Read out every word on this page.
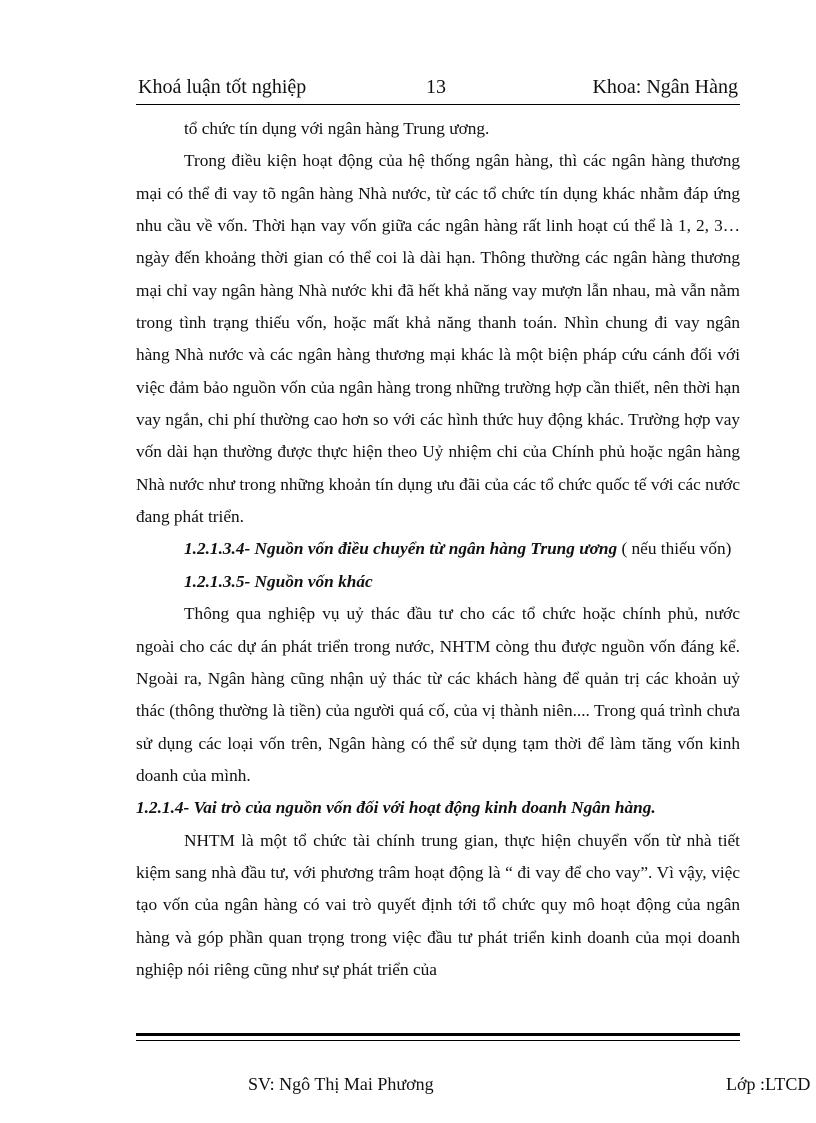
Khoá luận tốt nghiệp	13	Khoa: Ngân Hàng

tổ chức tín dụng với ngân hàng Trung ương.

Trong điều kiện hoạt động của hệ thống ngân hàng, thì các ngân hàng thương mại có thể đi vay tõ ngân hàng Nhà nước, từ các tổ chức tín dụng khác nhằm đáp ứng nhu cầu về vốn. Thời hạn vay vốn giữa các ngân hàng rất linh hoạt cú thể là 1, 2, 3…ngày đến khoảng thời gian có thể coi là dài hạn. Thông thường các ngân hàng thương mại chỉ vay ngân hàng Nhà nước khi đã hết khả năng vay mượn lẫn nhau, mà vẫn nằm trong tình trạng thiếu vốn, hoặc mất khả năng thanh toán. Nhìn chung đi vay ngân hàng Nhà nước và các ngân hàng thương mại khác là một biện pháp cứu cánh đối với việc đảm bảo nguồn vốn của ngân hàng trong những trường hợp cần thiết, nên thời hạn vay ngắn, chi phí thường cao hơn so với các hình thức huy động khác. Trường hợp vay vốn dài hạn thường được thực hiện theo Uỷ nhiệm chi của Chính phủ hoặc ngân hàng Nhà nước như trong những khoản tín dụng ưu đãi của các tổ chức quốc tế với các nước đang phát triển.

1.2.1.3.4- Nguồn vốn điều chuyển từ ngân hàng Trung ương ( nếu thiếu vốn)

1.2.1.3.5- Nguồn vốn khác

Thông qua nghiệp vụ uỷ thác đầu tư cho các tổ chức hoặc chính phủ, nước ngoài cho các dự án phát triển trong nước, NHTM còng thu được nguồn vốn đáng kể. Ngoài ra, Ngân hàng cũng nhận uỷ thác từ các khách hàng để quản trị các khoản uỷ thác (thông thường là tiền) của người quá cố, của vị thành niên.... Trong quá trình chưa sử dụng các loại vốn trên, Ngân hàng có thể sử dụng tạm thời để làm tăng vốn kinh doanh của mình.

1.2.1.4- Vai trò của nguồn vốn đối với hoạt động kinh doanh Ngân hàng.

NHTM là một tổ chức tài chính trung gian, thực hiện chuyển vốn từ nhà tiết kiệm sang nhà đầu tư, với phương trâm hoạt động là “ đi vay để cho vay”. Vì vậy, việc tạo vốn của ngân hàng có vai trò quyết định tới tổ chức quy mô hoạt động của ngân hàng và góp phần quan trọng trong việc đầu tư phát triển kinh doanh của mọi doanh nghiệp nói riêng cũng như sự phát triển của

SV: Ngô Thị Mai Phương	Lớp :LTCD
